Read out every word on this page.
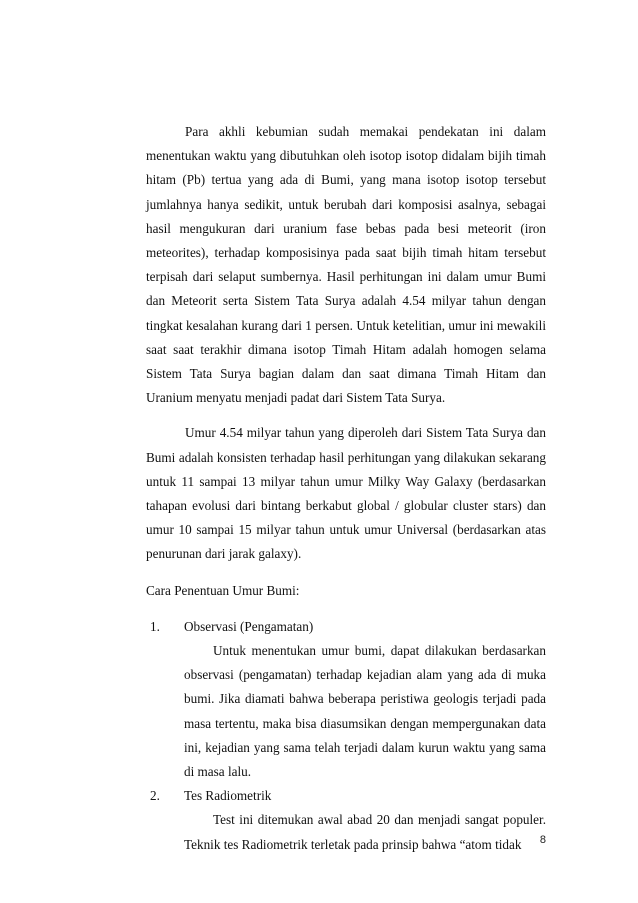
Para akhli kebumian sudah memakai pendekatan ini dalam menentukan waktu yang dibutuhkan oleh isotop isotop didalam bijih timah hitam (Pb) tertua yang ada di Bumi, yang mana isotop isotop tersebut jumlahnya hanya sedikit, untuk berubah dari komposisi asalnya, sebagai hasil mengukuran dari uranium fase bebas pada besi meteorit (iron meteorites), terhadap komposisinya pada saat bijih timah hitam tersebut terpisah dari selaput sumbernya. Hasil perhitungan ini dalam umur Bumi dan Meteorit serta Sistem Tata Surya adalah 4.54 milyar tahun dengan tingkat kesalahan kurang dari 1 persen. Untuk ketelitian, umur ini mewakili saat saat terakhir dimana isotop Timah Hitam adalah homogen selama Sistem Tata Surya bagian dalam dan saat dimana Timah Hitam dan Uranium menyatu menjadi padat dari Sistem Tata Surya.

Umur 4.54 milyar tahun yang diperoleh dari Sistem Tata Surya dan Bumi adalah konsisten terhadap hasil perhitungan yang dilakukan sekarang untuk 11 sampai 13 milyar tahun umur Milky Way Galaxy (berdasarkan tahapan evolusi dari bintang berkabut global / globular cluster stars) dan umur 10 sampai 15 milyar tahun untuk umur Universal (berdasarkan atas penurunan dari jarak galaxy).

Cara Penentuan Umur Bumi:

1. Observasi (Pengamatan)

Untuk menentukan umur bumi, dapat dilakukan berdasarkan observasi (pengamatan) terhadap kejadian alam yang ada di muka bumi. Jika diamati bahwa beberapa peristiwa geologis terjadi pada masa tertentu, maka bisa diasumsikan dengan mempergunakan data ini, kejadian yang sama telah terjadi dalam kurun waktu yang sama di masa lalu.

2. Tes Radiometrik

Test ini ditemukan awal abad 20 dan menjadi sangat populer. Teknik tes Radiometrik terletak pada prinsip bahwa “atom tidak	8
